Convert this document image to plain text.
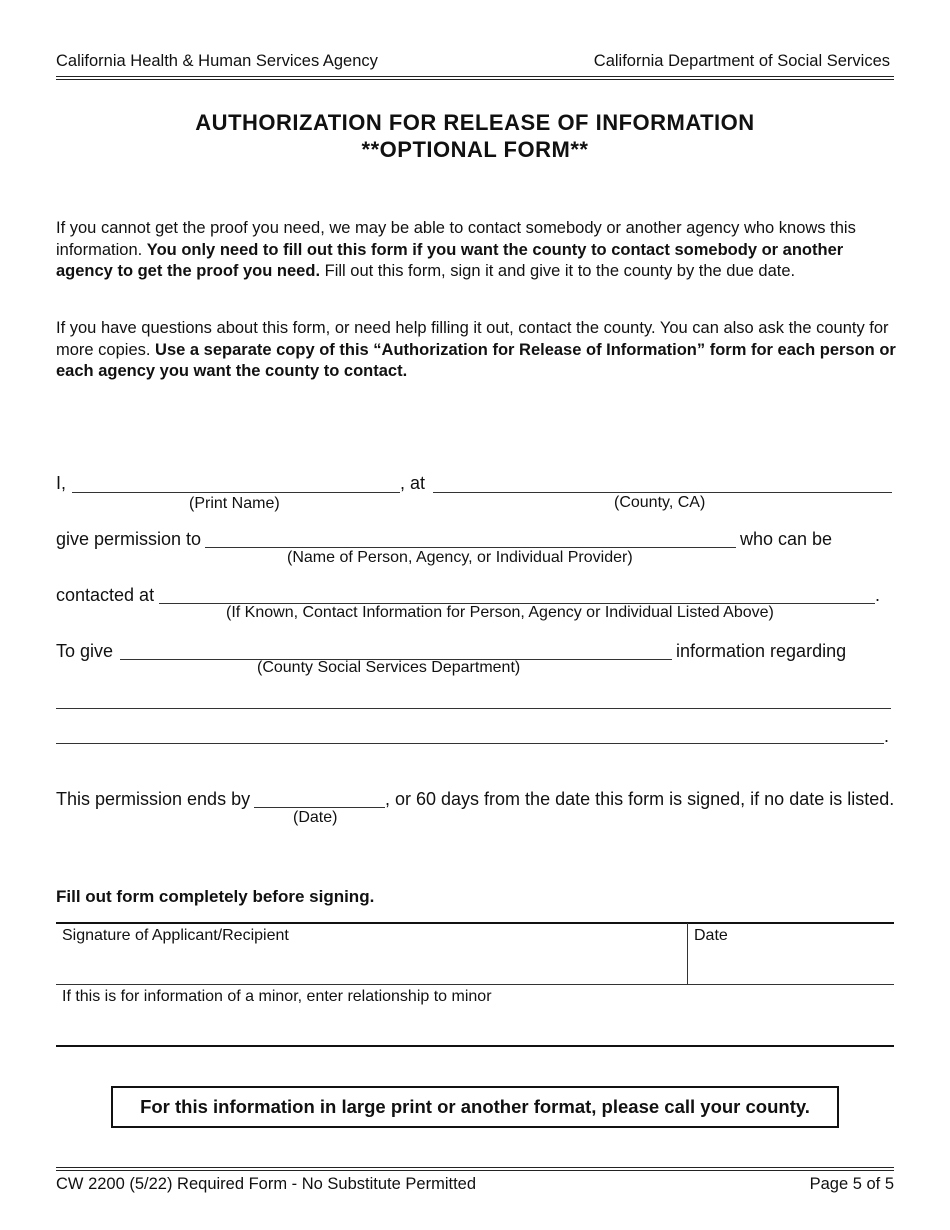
California Health & Human Services Agency	California Department of Social Services
AUTHORIZATION FOR RELEASE OF INFORMATION
**OPTIONAL FORM**
If you cannot get the proof you need, we may be able to contact somebody or another agency who knows this information. You only need to fill out this form if you want the county to contact somebody or another agency to get the proof you need. Fill out this form, sign it and give it to the county by the due date.
If you have questions about this form, or need help filling it out, contact the county. You can also ask the county for more copies. Use a separate copy of this “Authorization for Release of Information” form for each person or each agency you want the county to contact.
I,	, at
(Print Name)	(County, CA)
give permission to	who can be
(Name of Person, Agency, or Individual Provider)
contacted at	.
(If Known, Contact Information for Person, Agency or Individual Listed Above)
To give	information regarding
(County Social Services Department)
.
This permission ends by	, or 60 days from the date this form is signed, if no date is listed.
(Date)
Fill out form completely before signing.
Signature of Applicant/Recipient	Date
If this is for information of a minor, enter relationship to minor
For this information in large print or another format, please call your county.
CW 2200 (5/22) Required Form - No Substitute Permitted	Page 5 of 5
